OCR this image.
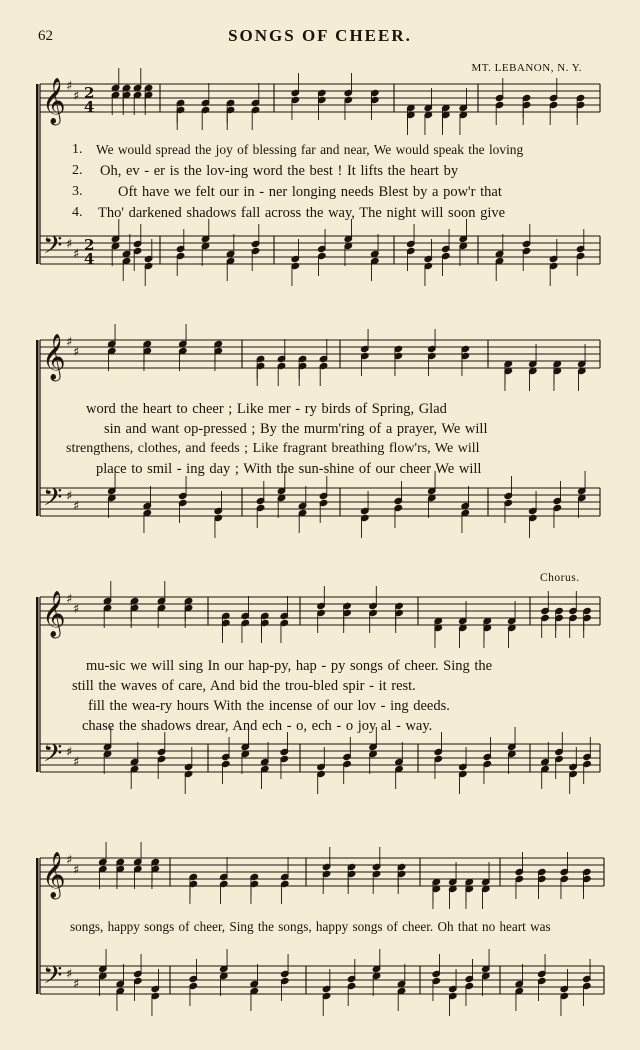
62	SONGS OF CHEER.
MT. LEBANON, N. Y.
Chorus.
1.
2.
3.
4.
We would spread the joy of blessing far and near, We would speak the loving
Oh, ev - er is the lov-ing word the best ! It lifts the heart by
Oft have we felt our in - ner longing needs Blest by a pow'r that
Tho' darkened shadows fall across the way, The night will soon give
word the heart to cheer ; Like mer - ry birds of Spring, Glad
sin and want op-pressed ; By the murm'ring of a prayer, We will
strengthens, clothes, and feeds ; Like fragrant breathing flow'rs, We will
place to smil - ing day ; With the sun-shine of our cheer We will
mu-sic we will sing In our hap-py, hap - py songs of cheer. Sing the
still the waves of care, And bid the trou-bled spir - it rest.
fill the wea-ry hours With the incense of our lov - ing deeds.
chase the shadows drear, And ech - o, ech - o joy al - way.
songs, happy songs of cheer, Sing the songs, happy songs of cheer. Oh that no heart was
𝄞
𝄢
♯
♯
♯
♯
2
4
2
4
𝄞
𝄢
♯
♯
♯
♯
𝄞
𝄢
♯
♯
♯
♯
𝄞
𝄢
♯
♯
♯
♯
